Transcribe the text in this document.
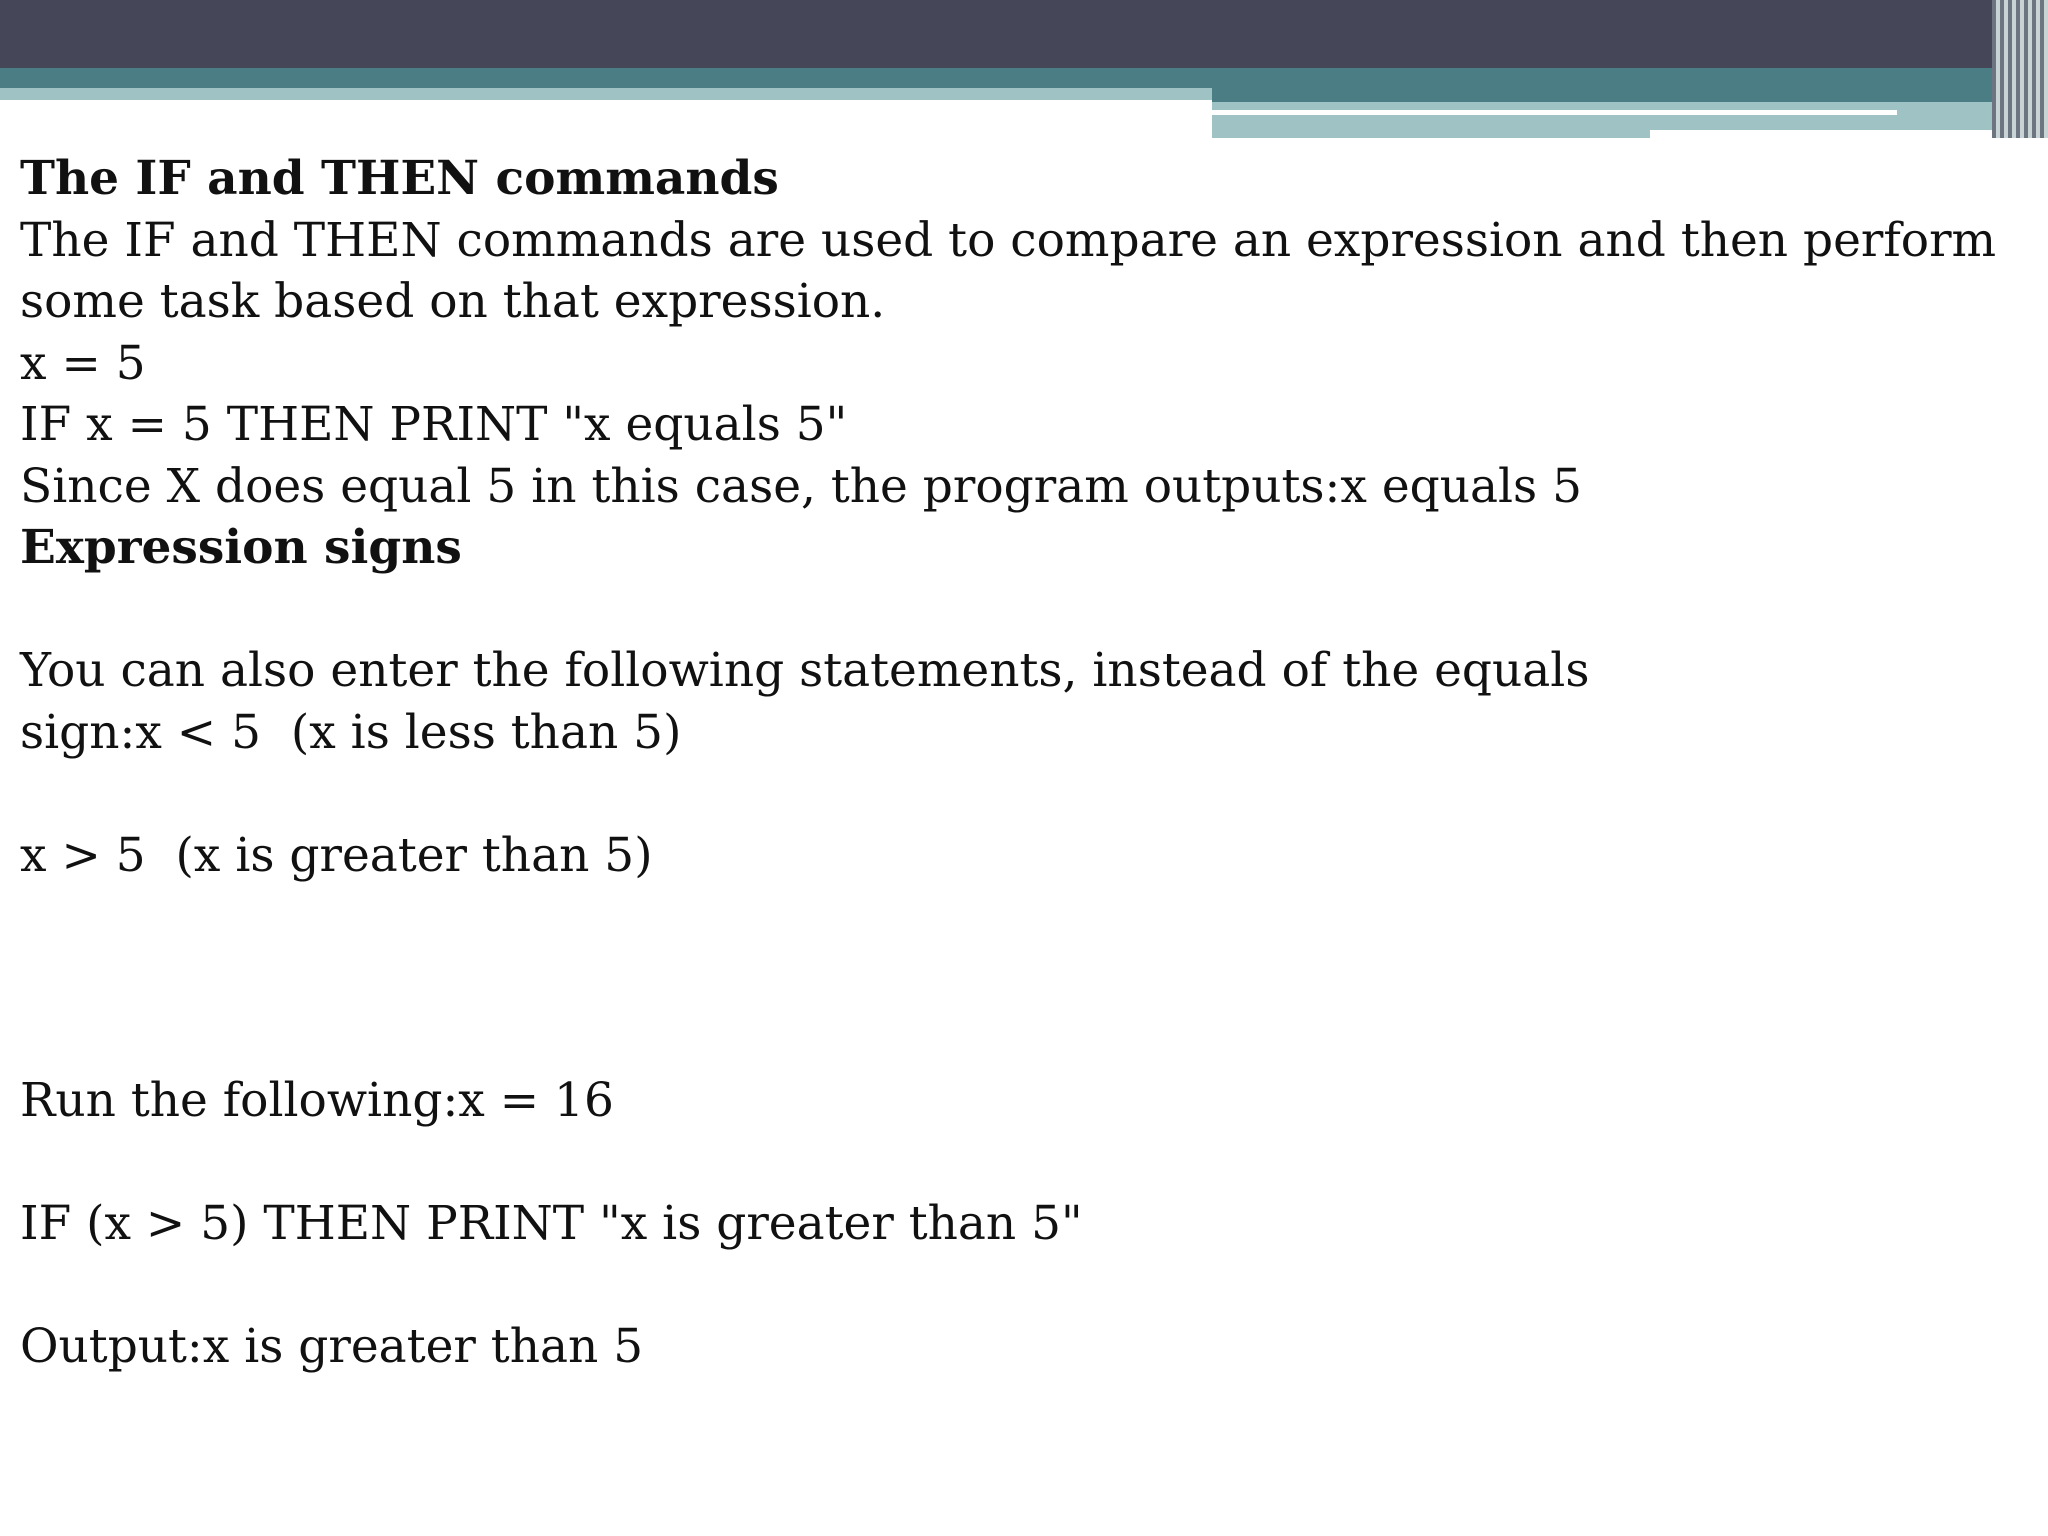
The IF and THEN commands
The IF and THEN commands are used to compare an expression and then perform some task based on that expression.
x = 5
IF x = 5 THEN PRINT "x equals 5"
Since X does equal 5 in this case, the program outputs:x equals 5
Expression signs
You can also enter the following statements, instead of the equals
sign:x < 5  (x is less than 5)
x > 5  (x is greater than 5)
Run the following:x = 16
IF (x > 5) THEN PRINT "x is greater than 5"
Output:x is greater than 5
